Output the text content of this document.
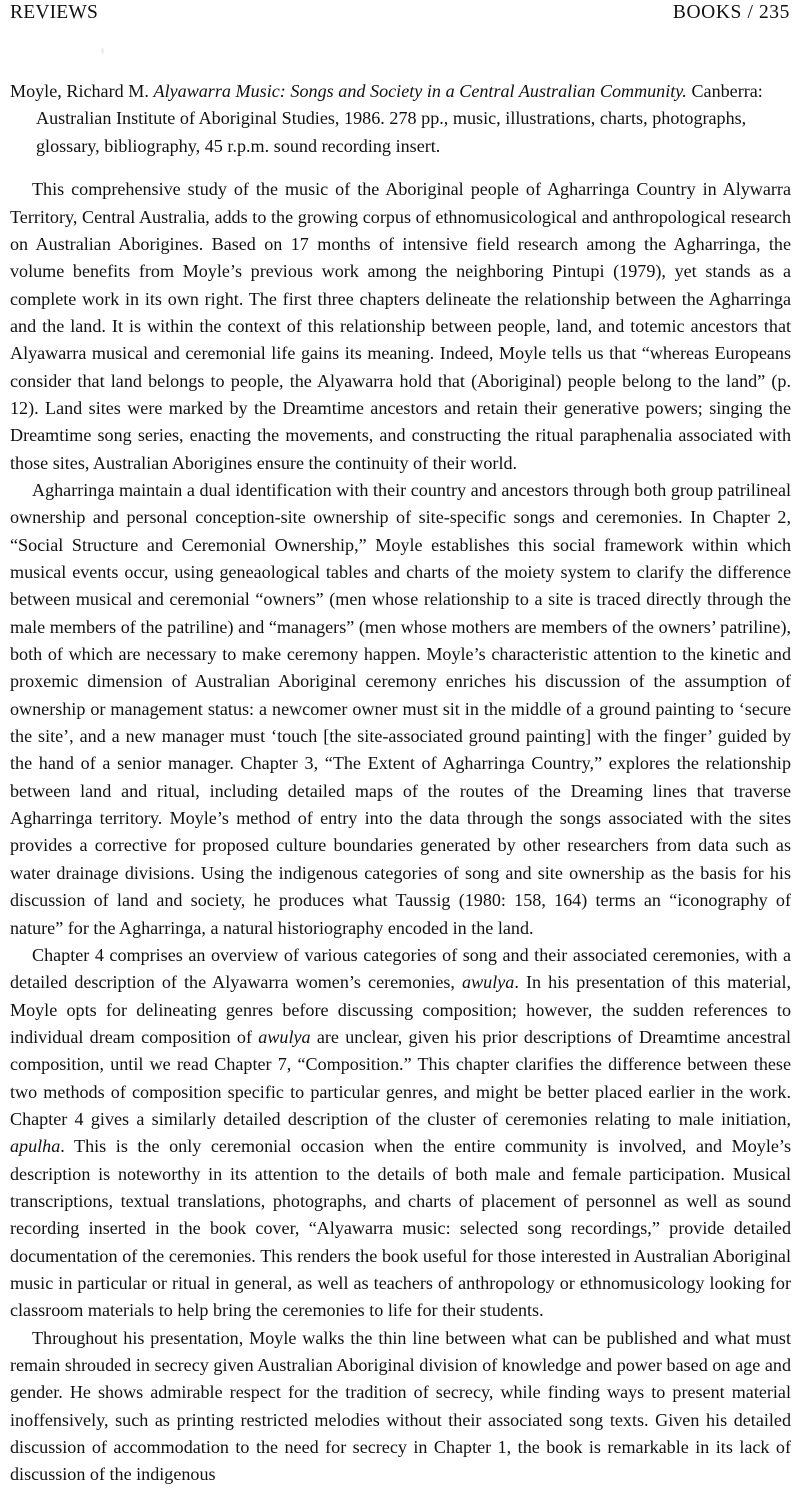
REVIEWS	BOOKS / 235

Moyle, Richard M. Alyawarra Music: Songs and Society in a Central Australian Community. Canberra: Australian Institute of Aboriginal Studies, 1986. 278 pp., music, illustrations, charts, photographs, glossary, bibliography, 45 r.p.m. sound recording insert.

This comprehensive study of the music of the Aboriginal people of Agharringa Country in Alywarra Territory, Central Australia, adds to the growing corpus of ethnomusicological and anthropological research on Australian Aborigines. Based on 17 months of intensive field research among the Agharringa, the volume benefits from Moyle’s previous work among the neighboring Pintupi (1979), yet stands as a complete work in its own right. The first three chapters delineate the relationship between the Agharringa and the land. It is within the context of this relationship between people, land, and totemic ancestors that Alyawarra musical and ceremonial life gains its meaning. Indeed, Moyle tells us that “whereas Europeans consider that land belongs to people, the Alyawarra hold that (Aboriginal) people belong to the land” (p. 12). Land sites were marked by the Dreamtime ancestors and retain their generative powers; singing the Dreamtime song series, enacting the movements, and constructing the ritual paraphenalia associated with those sites, Australian Aborigines ensure the continuity of their world.

Agharringa maintain a dual identification with their country and ancestors through both group patrilineal ownership and personal conception-site ownership of site-specific songs and ceremonies. In Chapter 2, “Social Structure and Ceremonial Ownership,” Moyle establishes this social framework within which musical events occur, using geneaological tables and charts of the moiety system to clarify the difference between musical and ceremonial “owners” (men whose relationship to a site is traced directly through the male members of the patriline) and “managers” (men whose mothers are members of the owners’ patriline), both of which are necessary to make ceremony happen. Moyle’s characteristic attention to the kinetic and proxemic dimension of Australian Aboriginal ceremony enriches his discussion of the assumption of ownership or management status: a newcomer owner must sit in the middle of a ground painting to ‘secure the site’, and a new manager must ‘touch [the site-associated ground painting] with the finger’ guided by the hand of a senior manager. Chapter 3, “The Extent of Agharringa Country,” explores the relationship between land and ritual, including detailed maps of the routes of the Dreaming lines that traverse Agharringa territory. Moyle’s method of entry into the data through the songs associated with the sites provides a corrective for proposed culture boundaries generated by other researchers from data such as water drainage divisions. Using the indigenous categories of song and site ownership as the basis for his discussion of land and society, he produces what Taussig (1980: 158, 164) terms an “iconography of nature” for the Agharringa, a natural historiography encoded in the land.

Chapter 4 comprises an overview of various categories of song and their associated ceremonies, with a detailed description of the Alyawarra women’s ceremonies, awulya. In his presentation of this material, Moyle opts for delineating genres before discussing composition; however, the sudden references to individual dream composition of awulya are unclear, given his prior descriptions of Dreamtime ancestral composition, until we read Chapter 7, “Composition.” This chapter clarifies the difference between these two methods of composition specific to particular genres, and might be better placed earlier in the work. Chapter 4 gives a similarly detailed description of the cluster of ceremonies relating to male initiation, apulha. This is the only ceremonial occasion when the entire community is involved, and Moyle’s description is noteworthy in its attention to the details of both male and female participation. Musical transcriptions, textual translations, photographs, and charts of placement of personnel as well as sound recording inserted in the book cover, “Alyawarra music: selected song recordings,” provide detailed documentation of the ceremonies. This renders the book useful for those interested in Australian Aboriginal music in particular or ritual in general, as well as teachers of anthropology or ethnomusicology looking for classroom materials to help bring the ceremonies to life for their students.

Throughout his presentation, Moyle walks the thin line between what can be published and what must remain shrouded in secrecy given Australian Aboriginal division of knowledge and power based on age and gender. He shows admirable respect for the tradition of secrecy, while finding ways to present material inoffensively, such as printing restricted melodies without their associated song texts. Given his detailed discussion of accommodation to the need for secrecy in Chapter 1, the book is remarkable in its lack of discussion of the indigenous
